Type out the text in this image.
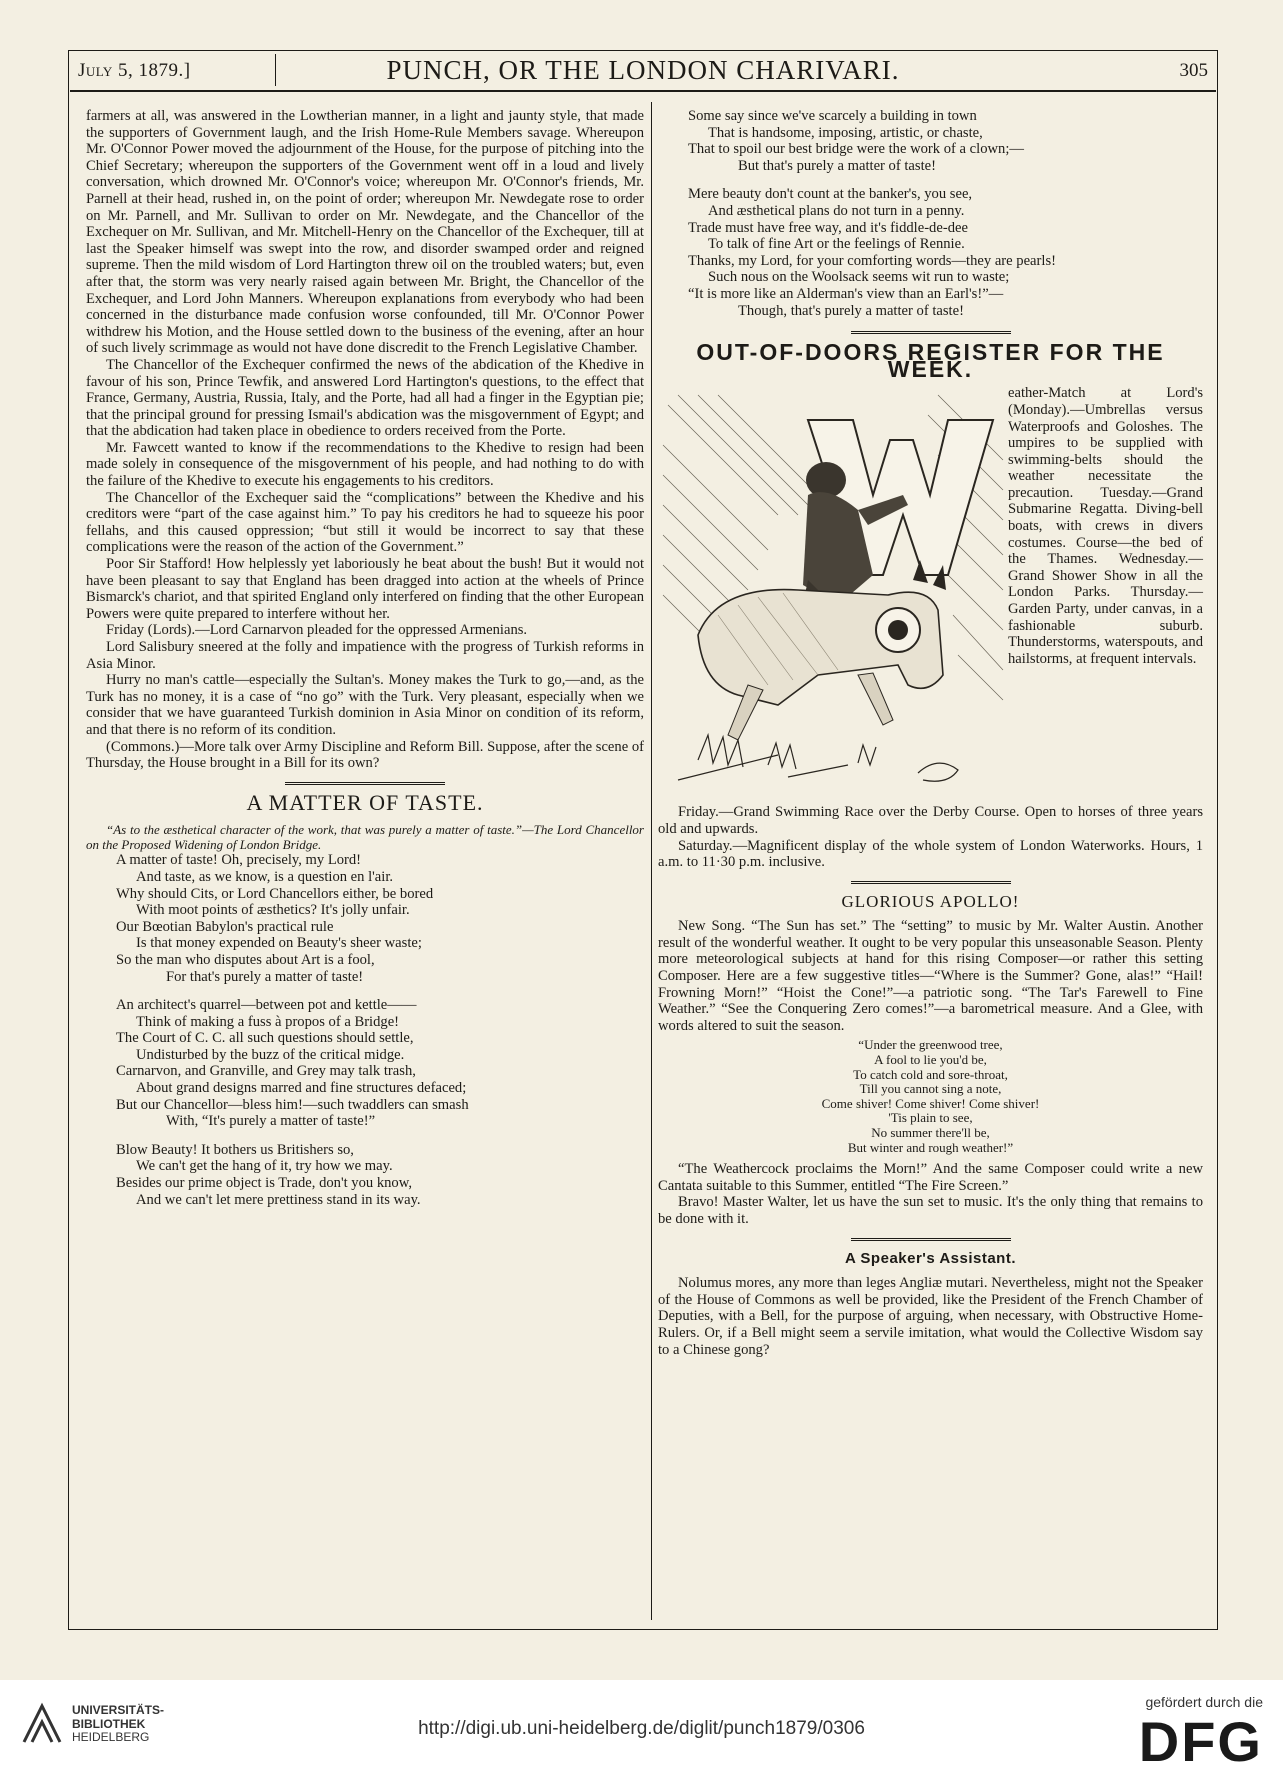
July 5, 1879.]	PUNCH, OR THE LONDON CHARIVARI.	305

farmers at all, was answered in the Lowtherian manner, in a light and jaunty style, that made the supporters of Government laugh, and the Irish Home-Rule Members savage. Whereupon Mr. O'Connor Power moved the adjournment of the House, for the purpose of pitching into the Chief Secretary; whereupon the supporters of the Government went off in a loud and lively conversation, which drowned Mr. O'Connor's voice; whereupon Mr. O'Connor's friends, Mr. Parnell at their head, rushed in, on the point of order; whereupon Mr. Newdegate rose to order on Mr. Parnell, and Mr. Sullivan to order on Mr. Newdegate, and the Chancellor of the Exchequer on Mr. Sullivan, and Mr. Mitchell-Henry on the Chancellor of the Exchequer, till at last the Speaker himself was swept into the row, and disorder swamped order and reigned supreme. Then the mild wisdom of Lord Hartington threw oil on the troubled waters; but, even after that, the storm was very nearly raised again between Mr. Bright, the Chancellor of the Exchequer, and Lord John Manners. Whereupon explanations from everybody who had been concerned in the disturbance made confusion worse confounded, till Mr. O'Connor Power withdrew his Motion, and the House settled down to the business of the evening, after an hour of such lively scrimmage as would not have done discredit to the French Legislative Chamber.

The Chancellor of the Exchequer confirmed the news of the abdication of the Khedive in favour of his son, Prince Tewfik, and answered Lord Hartington's questions, to the effect that France, Germany, Austria, Russia, Italy, and the Porte, had all had a finger in the Egyptian pie; that the principal ground for pressing Ismail's abdication was the misgovernment of Egypt; and that the abdication had taken place in obedience to orders received from the Porte.

Mr. Fawcett wanted to know if the recommendations to the Khedive to resign had been made solely in consequence of the misgovernment of his people, and had nothing to do with the failure of the Khedive to execute his engagements to his creditors.

The Chancellor of the Exchequer said the “complications” between the Khedive and his creditors were “part of the case against him.” To pay his creditors he had to squeeze his poor fellahs, and this caused oppression; “but still it would be incorrect to say that these complications were the reason of the action of the Government.”

Poor Sir Stafford! How helplessly yet laboriously he beat about the bush! But it would not have been pleasant to say that England has been dragged into action at the wheels of Prince Bismarck's chariot, and that spirited England only interfered on finding that the other European Powers were quite prepared to interfere without her.

Friday (Lords).—Lord Carnarvon pleaded for the oppressed Armenians.

Lord Salisbury sneered at the folly and impatience with the progress of Turkish reforms in Asia Minor.

Hurry no man's cattle—especially the Sultan's. Money makes the Turk to go,—and, as the Turk has no money, it is a case of “no go” with the Turk. Very pleasant, especially when we consider that we have guaranteed Turkish dominion in Asia Minor on condition of its reform, and that there is no reform of its condition.

(Commons.)—More talk over Army Discipline and Reform Bill. Suppose, after the scene of Thursday, the House brought in a Bill for its own?

A MATTER OF TASTE.

“As to the æsthetical character of the work, that was purely a matter of taste.”—The Lord Chancellor on the Proposed Widening of London Bridge.

A matter of taste! Oh, precisely, my Lord!
And taste, as we know, is a question en l'air.
Why should Cits, or Lord Chancellors either, be bored
With moot points of æsthetics? It's jolly unfair.
Our Bœotian Babylon's practical rule
Is that money expended on Beauty's sheer waste;
So the man who disputes about Art is a fool,
For that's purely a matter of taste!
An architect's quarrel—between pot and kettle——
Think of making a fuss à propos of a Bridge!
The Court of C. C. all such questions should settle,
Undisturbed by the buzz of the critical midge.
Carnarvon, and Granville, and Grey may talk trash,
About grand designs marred and fine structures defaced;
But our Chancellor—bless him!—such twaddlers can smash
With, “It's purely a matter of taste!”
Blow Beauty! It bothers us Britishers so,
We can't get the hang of it, try how we may.
Besides our prime object is Trade, don't you know,
And we can't let mere prettiness stand in its way.
Some say since we've scarcely a building in town
That is handsome, imposing, artistic, or chaste,
That to spoil our best bridge were the work of a clown;—
But that's purely a matter of taste!
Mere beauty don't count at the banker's, you see,
And æsthetical plans do not turn in a penny.
Trade must have free way, and it's fiddle-de-dee
To talk of fine Art or the feelings of Rennie.
Thanks, my Lord, for your comforting words—they are pearls!
Such nous on the Woolsack seems wit run to waste;
“It is more like an Alderman's view than an Earl's!”—
Though, that's purely a matter of taste!
OUT-OF-DOORS REGISTER FOR THE WEEK.
eather-Match at Lord's (Monday).—Umbrellas versus Waterproofs and Goloshes. The umpires to be supplied with swimming-belts should the weather necessitate the precaution. Tuesday.—Grand Submarine Regatta. Diving-bell boats, with crews in divers costumes. Course—the bed of the Thames. Wednesday.—Grand Shower Show in all the London Parks. Thursday.—Garden Party, under canvas, in a fashionable suburb. Thunderstorms, waterspouts, and hailstorms, at frequent intervals.

Friday.—Grand Swimming Race over the Derby Course. Open to horses of three years old and upwards.

Saturday.—Magnificent display of the whole system of London Waterworks. Hours, 1 a.m. to 11·30 p.m. inclusive.

GLORIOUS APOLLO!

New Song. “The Sun has set.” The “setting” to music by Mr. Walter Austin. Another result of the wonderful weather. It ought to be very popular this unseasonable Season. Plenty more meteorological subjects at hand for this rising Composer—or rather this setting Composer. Here are a few suggestive titles—“Where is the Summer? Gone, alas!” “Hail! Frowning Morn!” “Hoist the Cone!”—a patriotic song. “The Tar's Farewell to Fine Weather.” “See the Conquering Zero comes!”—a barometrical measure. And a Glee, with words altered to suit the season.

“Under the greenwood tree,
A fool to lie you'd be,
To catch cold and sore-throat,
Till you cannot sing a note,
Come shiver! Come shiver! Come shiver!
'Tis plain to see,
No summer there'll be,
But winter and rough weather!”

“The Weathercock proclaims the Morn!” And the same Composer could write a new Cantata suitable to this Summer, entitled “The Fire Screen.”

Bravo! Master Walter, let us have the sun set to music. It's the only thing that remains to be done with it.

A Speaker's Assistant.

Nolumus mores, any more than leges Angliæ mutari. Nevertheless, might not the Speaker of the House of Commons as well be provided, like the President of the French Chamber of Deputies, with a Bell, for the purpose of arguing, when necessary, with Obstructive Home-Rulers. Or, if a Bell might seem a servile imitation, what would the Collective Wisdom say to a Chinese gong?

UNIVERSITÄTS-
BIBLIOTHEK
HEIDELBERG	http://digi.ub.uni-heidelberg.de/diglit/punch1879/0306
gefördert durch die
DFG
